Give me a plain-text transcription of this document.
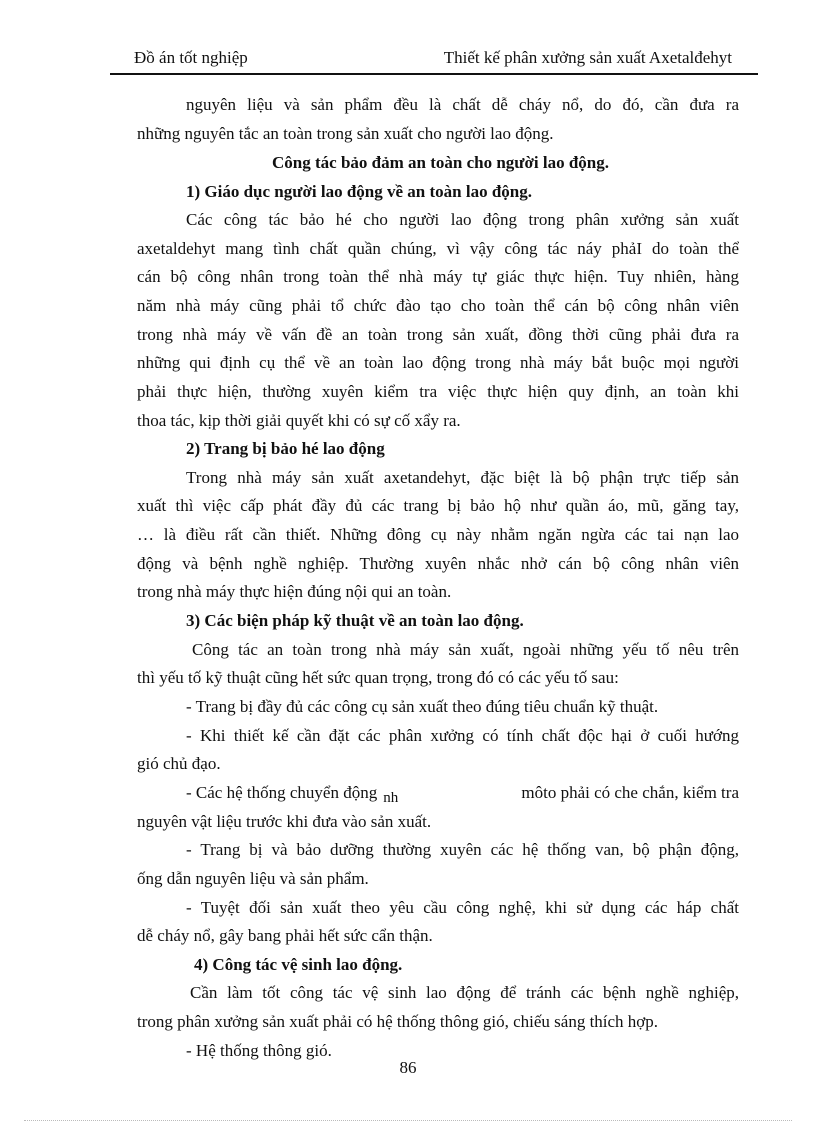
Đồ án tốt nghiệp	Thiết kế phân xưởng sản xuất Axetalđehyt
nguyên liệu và sản phẩm đều là chất dễ cháy nổ, do đó, cần đưa ra
những nguyên tắc an toàn trong sản xuất cho người lao động.
Công tác bảo đảm an toàn cho người lao động.
1) Giáo dục người lao động về an toàn lao động.
Các công tác bảo hé cho người lao động trong phân xưởng sản xuất
axetaldehyt mang tình chất quần chúng, vì vậy công tác náy phảI do toàn thể
cán bộ công nhân trong toàn thể nhà máy tự giác thực hiện. Tuy nhiên, hàng
năm nhà máy cũng phải tổ chức đào tạo cho toàn thể cán bộ công nhân viên
trong nhà máy về vấn đề an toàn trong sản xuất, đồng thời cũng phải đưa ra
những qui định cụ thể về an toàn lao động trong nhà máy bắt buộc mọi người
phải thực hiện, thường xuyên kiểm tra việc thực hiện quy định, an toàn khi
thoa tác, kịp thời giải quyết khi có sự cố xẩy ra.
2) Trang bị bảo hé lao động
Trong nhà máy sản xuất axetandehyt, đặc biệt là bộ phận trực tiếp sản
xuất thì việc cấp phát đầy đủ các trang bị bảo hộ như quần áo, mũ, găng tay,
… là điều rất cần thiết. Những đông cụ này nhằm ngăn ngừa các tai nạn lao
động và bệnh nghề nghiệp. Thường xuyên nhắc nhở cán bộ công nhân viên
trong nhà máy thực hiện đúng nội qui an toàn.
3) Các biện pháp kỹ thuật về an toàn lao động.
Công tác an toàn trong nhà máy sản xuất, ngoài những yếu tố nêu trên
thì yếu tố kỹ thuật cũng hết sức quan trọng, trong đó có các yếu tố sau:
- Trang bị đầy đủ các công cụ sản xuất theo đúng tiêu chuẩn kỹ thuật.
- Khi thiết kế cần đặt các phân xưởng có tính chất độc hại ở cuối hướng
gió chủ đạo.
- Các hệ thống chuyển động nh	môto phải có che chắn, kiểm tra
nguyên vật liệu trước khi đưa vào sản xuất.
- Trang bị và bảo dưỡng thường xuyên các hệ thống van, bộ phận động,
ống dẫn nguyên liệu và sản phẩm.
- Tuyệt đối sản xuất theo yêu cầu công nghệ, khi sử dụng các háp chất
dễ cháy nổ, gây bang phải hết sức cẩn thận.
4) Công tác vệ sinh lao động.
Cần làm tốt công tác vệ sinh lao động để tránh các bệnh nghề nghiệp,
trong phân xưởng sản xuất phải có hệ thống thông gió, chiếu sáng thích hợp.
- Hệ thống thông gió.
86
